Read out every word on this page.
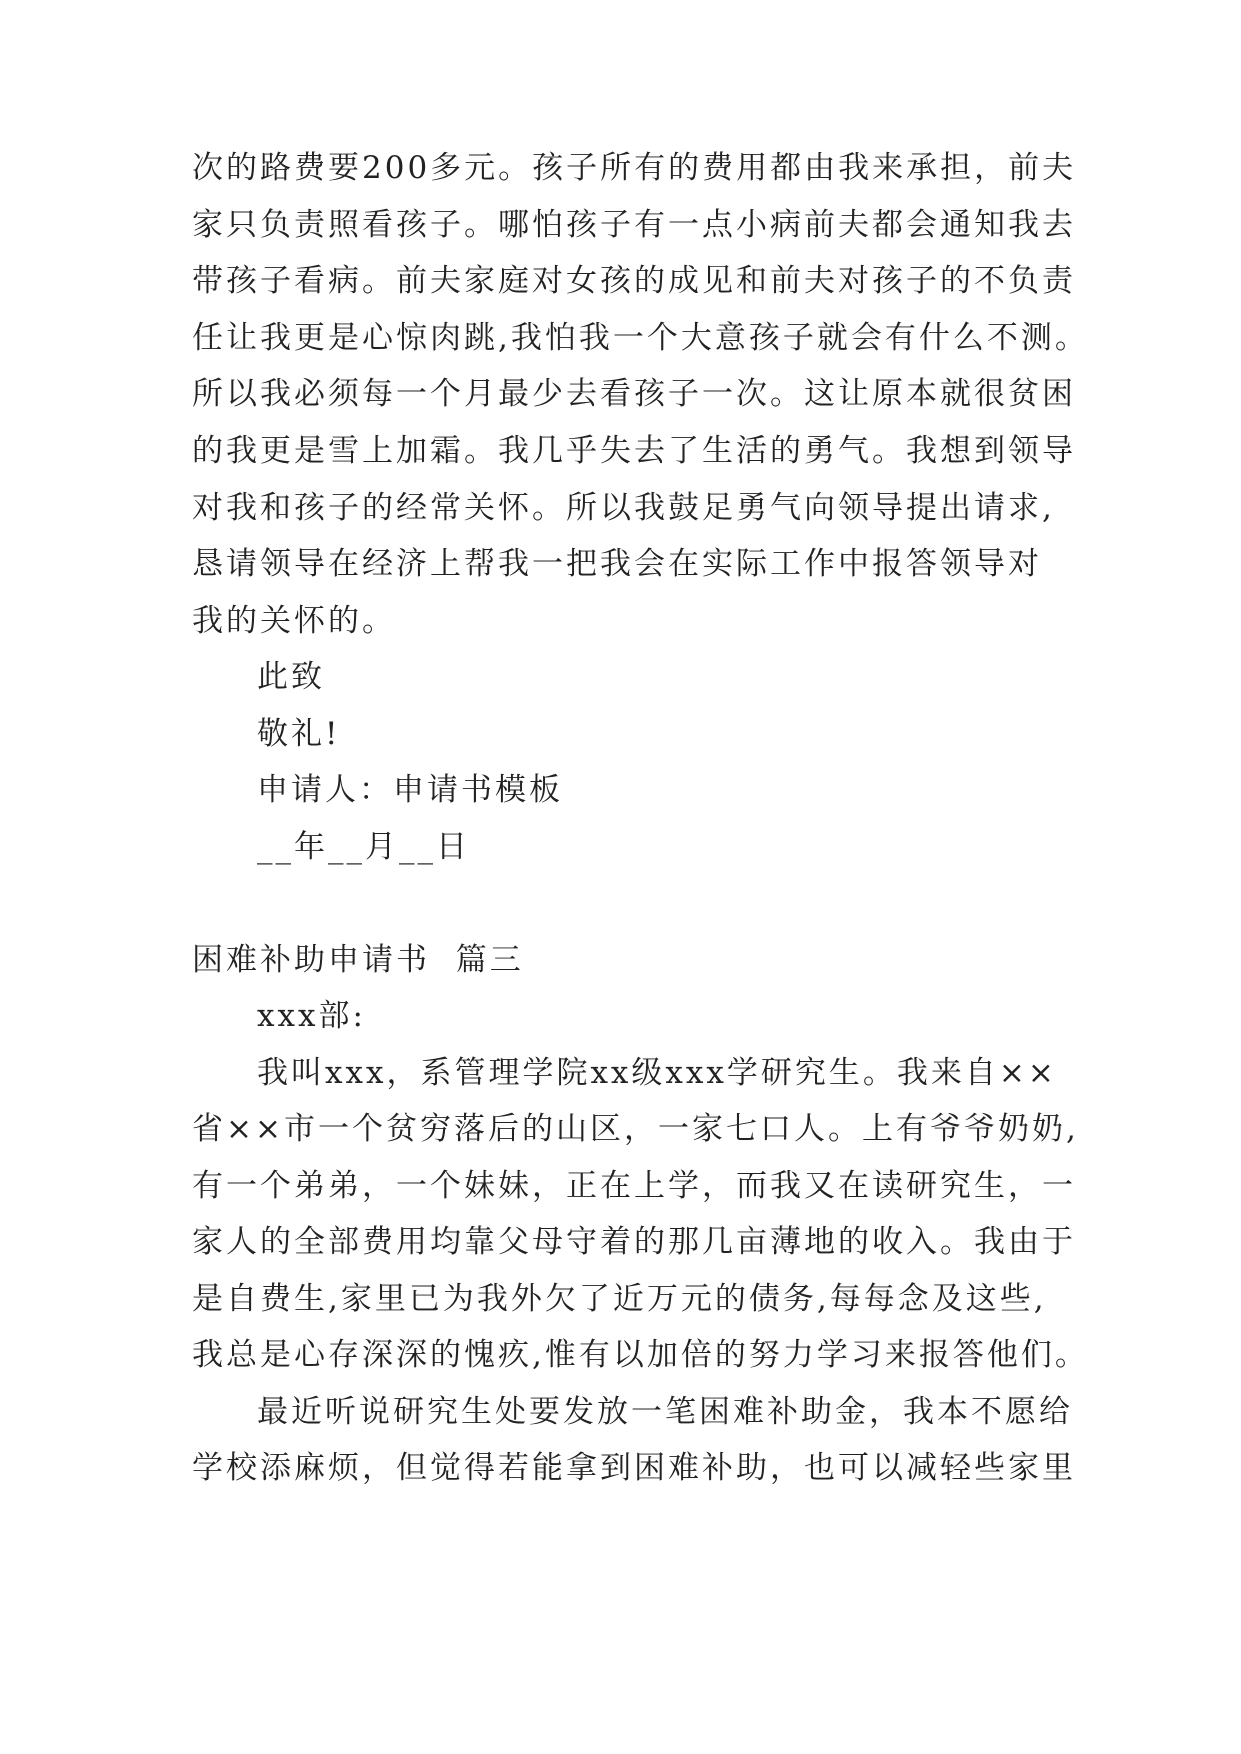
次的路费要200多元。孩子所有的费用都由我来承担，前夫
家只负责照看孩子。哪怕孩子有一点小病前夫都会通知我去
带孩子看病。前夫家庭对女孩的成见和前夫对孩子的不负责
任让我更是心惊肉跳,我怕我一个大意孩子就会有什么不测。
所以我必须每一个月最少去看孩子一次。这让原本就很贫困
的我更是雪上加霜。我几乎失去了生活的勇气。我想到领导
对我和孩子的经常关怀。所以我鼓足勇气向领导提出请求,
恳请领导在经济上帮我一把我会在实际工作中报答领导对
我的关怀的。
此致
敬礼!
申请人：申请书模板
__年__月__日
困难补助申请书  篇三
xxx部:
我叫xxx，系管理学院xx级xxx学研究生。我来自××
省××市一个贫穷落后的山区，一家七口人。上有爷爷奶奶,
有一个弟弟，一个妹妹，正在上学，而我又在读研究生，一
家人的全部费用均靠父母守着的那几亩薄地的收入。我由于
是自费生,家里已为我外欠了近万元的债务,每每念及这些,
我总是心存深深的愧疚,惟有以加倍的努力学习来报答他们。
最近听说研究生处要发放一笔困难补助金，我本不愿给
学校添麻烦，但觉得若能拿到困难补助，也可以减轻些家里
